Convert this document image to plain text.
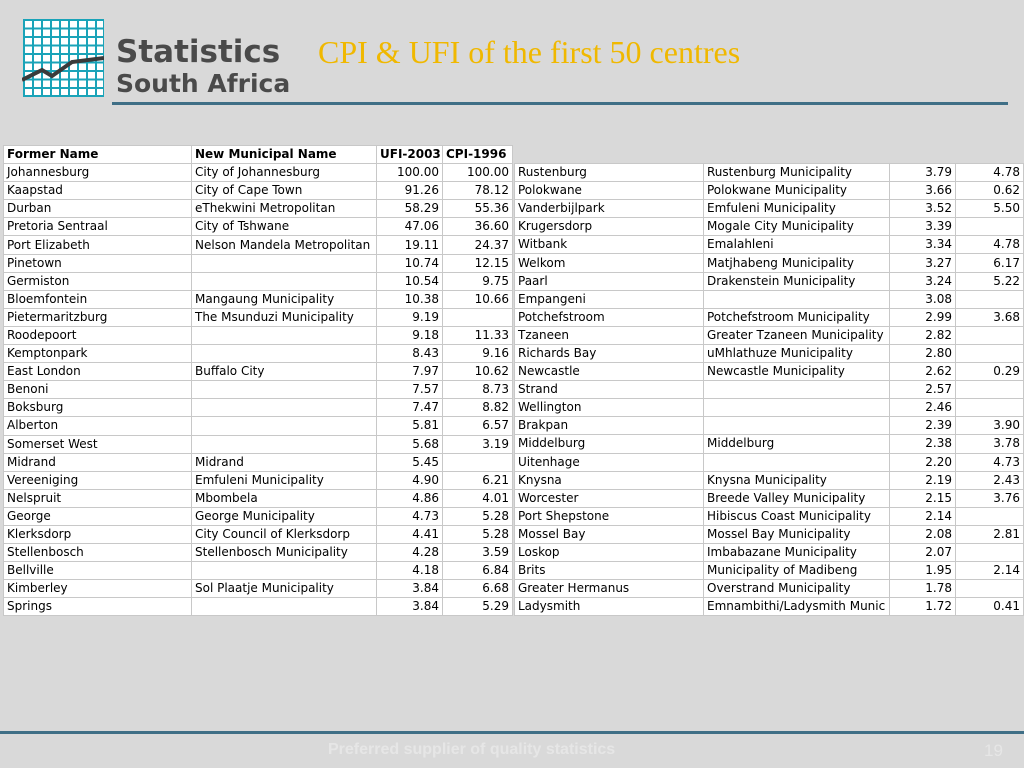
Statistics
South Africa
CPI & UFI of the first 50 centres
Former Name	New Municipal Name	UFI-2003	CPI-1996
Johannesburg	City of Johannesburg	100.00	100.00
Kaapstad	City of Cape Town	91.26	78.12
Durban	eThekwini Metropolitan	58.29	55.36
Pretoria Sentraal	City of Tshwane	47.06	36.60
Port Elizabeth	Nelson Mandela Metropolitan	19.11	24.37
Pinetown		10.74	12.15
Germiston		10.54	9.75
Bloemfontein	Mangaung Municipality	10.38	10.66
Pietermaritzburg	The Msunduzi Municipality	9.19	
Roodepoort		9.18	11.33
Kemptonpark		8.43	9.16
East London	Buffalo City	7.97	10.62
Benoni		7.57	8.73
Boksburg		7.47	8.82
Alberton		5.81	6.57
Somerset West		5.68	3.19
Midrand	Midrand	5.45	
Vereeniging	Emfuleni Municipality	4.90	6.21
Nelspruit	Mbombela	4.86	4.01
George	George Municipality	4.73	5.28
Klerksdorp	City Council of Klerksdorp	4.41	5.28
Stellenbosch	Stellenbosch Municipality	4.28	3.59
Bellville		4.18	6.84
Kimberley	Sol Plaatje Municipality	3.84	6.68
Springs		3.84	5.29
Rustenburg	Rustenburg Municipality	3.79	4.78
Polokwane	Polokwane Municipality	3.66	0.62
Vanderbijlpark	Emfuleni Municipality	3.52	5.50
Krugersdorp	Mogale City Municipality	3.39	
Witbank	Emalahleni	3.34	4.78
Welkom	Matjhabeng Municipality	3.27	6.17
Paarl	Drakenstein Municipality	3.24	5.22
Empangeni		3.08	
Potchefstroom	Potchefstroom Municipality	2.99	3.68
Tzaneen	Greater Tzaneen Municipality	2.82	
Richards Bay	uMhlathuze Municipality	2.80	
Newcastle	Newcastle Municipality	2.62	0.29
Strand		2.57	
Wellington		2.46	
Brakpan		2.39	3.90
Middelburg	Middelburg	2.38	3.78
Uitenhage		2.20	4.73
Knysna	Knysna Municipality	2.19	2.43
Worcester	Breede Valley Municipality	2.15	3.76
Port Shepstone	Hibiscus Coast Municipality	2.14	
Mossel Bay	Mossel Bay Municipality	2.08	2.81
Loskop	Imbabazane Municipality	2.07	
Brits	Municipality of Madibeng	1.95	2.14
Greater Hermanus	Overstrand Municipality	1.78	
Ladysmith	Emnambithi/Ladysmith Munic	1.72	0.41
Preferred supplier of quality statistics	19
